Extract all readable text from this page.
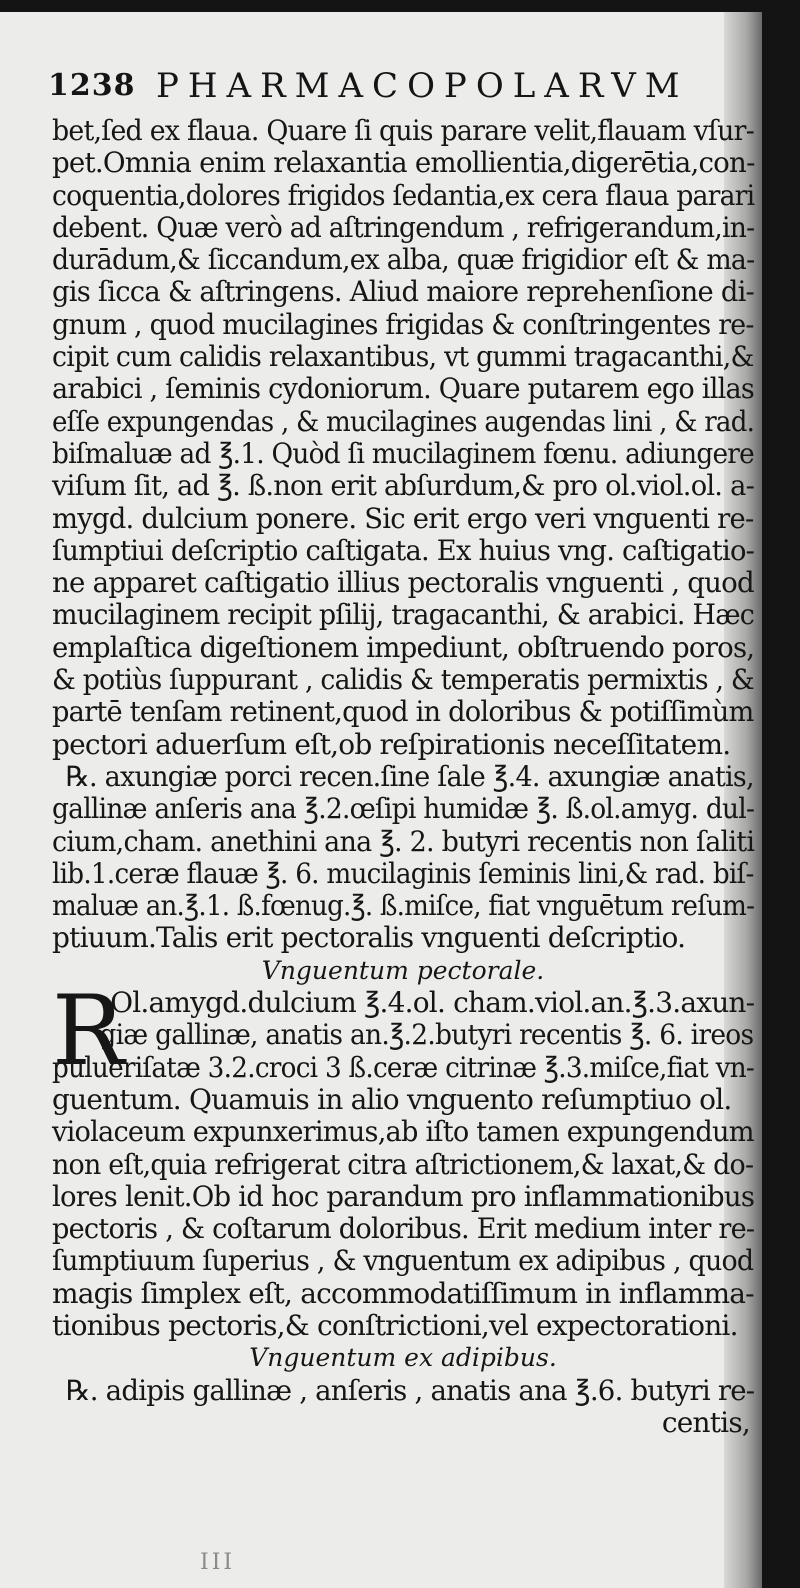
1238 PHARMACOPOLARVM
bet,ſed ex flaua. Quare ſi quis parare velit,flauam vſur-
pet.Omnia enim relaxantia emollientia,digerētia,con-
coquentia,dolores frigidos ſedantia,ex cera flaua parari
debent. Quæ verò ad aſtringendum , refrigerandum,in-
durādum,& ſiccandum,ex alba, quæ frigidior eſt & ma-
gis ſicca & aſtringens. Aliud maiore reprehenſione di-
gnum , quod mucilagines frigidas & conſtringentes re-
cipit cum calidis relaxantibus, vt gummi tragacanthi,&
arabici , ſeminis cydoniorum. Quare putarem ego illas
eſſe expungendas , & mucilagines augendas lini , & rad.
biſmaluæ ad ℥.1. Quòd ſi mucilaginem fœnu. adiungere
viſum ſit, ad ℥. ß.non erit abſurdum,& pro ol.viol.ol. a-
mygd. dulcium ponere. Sic erit ergo veri vnguenti re-
ſumptiui deſcriptio caſtigata. Ex huius vng. caſtigatio-
ne apparet caſtigatio illius pectoralis vnguenti , quod
mucilaginem recipit pſilij, tragacanthi, & arabici. Hæc
emplaſtica digeſtionem impediunt, obſtruendo poros,
& potiùs ſuppurant , calidis & temperatis permixtis , &
partē tenſam retinent,quod in doloribus & potiſſimùm
pectori aduerſum eſt,ob reſpirationis neceſſitatem.
℞. axungiæ porci recen.ſine ſale ℥.4. axungiæ anatis,
gallinæ anſeris ana ℥.2.œſipi humidæ ℥. ß.ol.amyg. dul-
cium,cham. anethini ana ℥. 2. butyri recentis non ſaliti
lib.1.ceræ flauæ ℥. 6. mucilaginis ſeminis lini,& rad. biſ-
maluæ an.℥.1. ß.fœnug.℥. ß.miſce, fiat vnguētum reſum-
ptiuum.Talis erit pectoralis vnguenti deſcriptio.
Vnguentum pectorale.
R
.Ol.amygd.dulcium ℥.4.ol. cham.viol.an.℥.3.axun-
giæ gallinæ, anatis an.℥.2.butyri recentis ℥. 6. ireos
pulueriſatæ 3.2.croci 3 ß.ceræ citrinæ ℥.3.miſce,fiat vn-
guentum. Quamuis in alio vnguento reſumptiuo ol.
violaceum expunxerimus,ab iſto tamen expungendum
non eſt,quia refrigerat citra aſtrictionem,& laxat,& do-
lores lenit.Ob id hoc parandum pro inflammationibus
pectoris , & coſtarum doloribus. Erit medium inter re-
ſumptiuum ſuperius , & vnguentum ex adipibus , quod
magis ſimplex eſt, accommodatiſſimum in inflamma-
tionibus pectoris,& conſtrictioni,vel expectorationi.
Vnguentum ex adipibus.
℞. adipis gallinæ , anſeris , anatis ana ℥.6. butyri re-
centis,
III
